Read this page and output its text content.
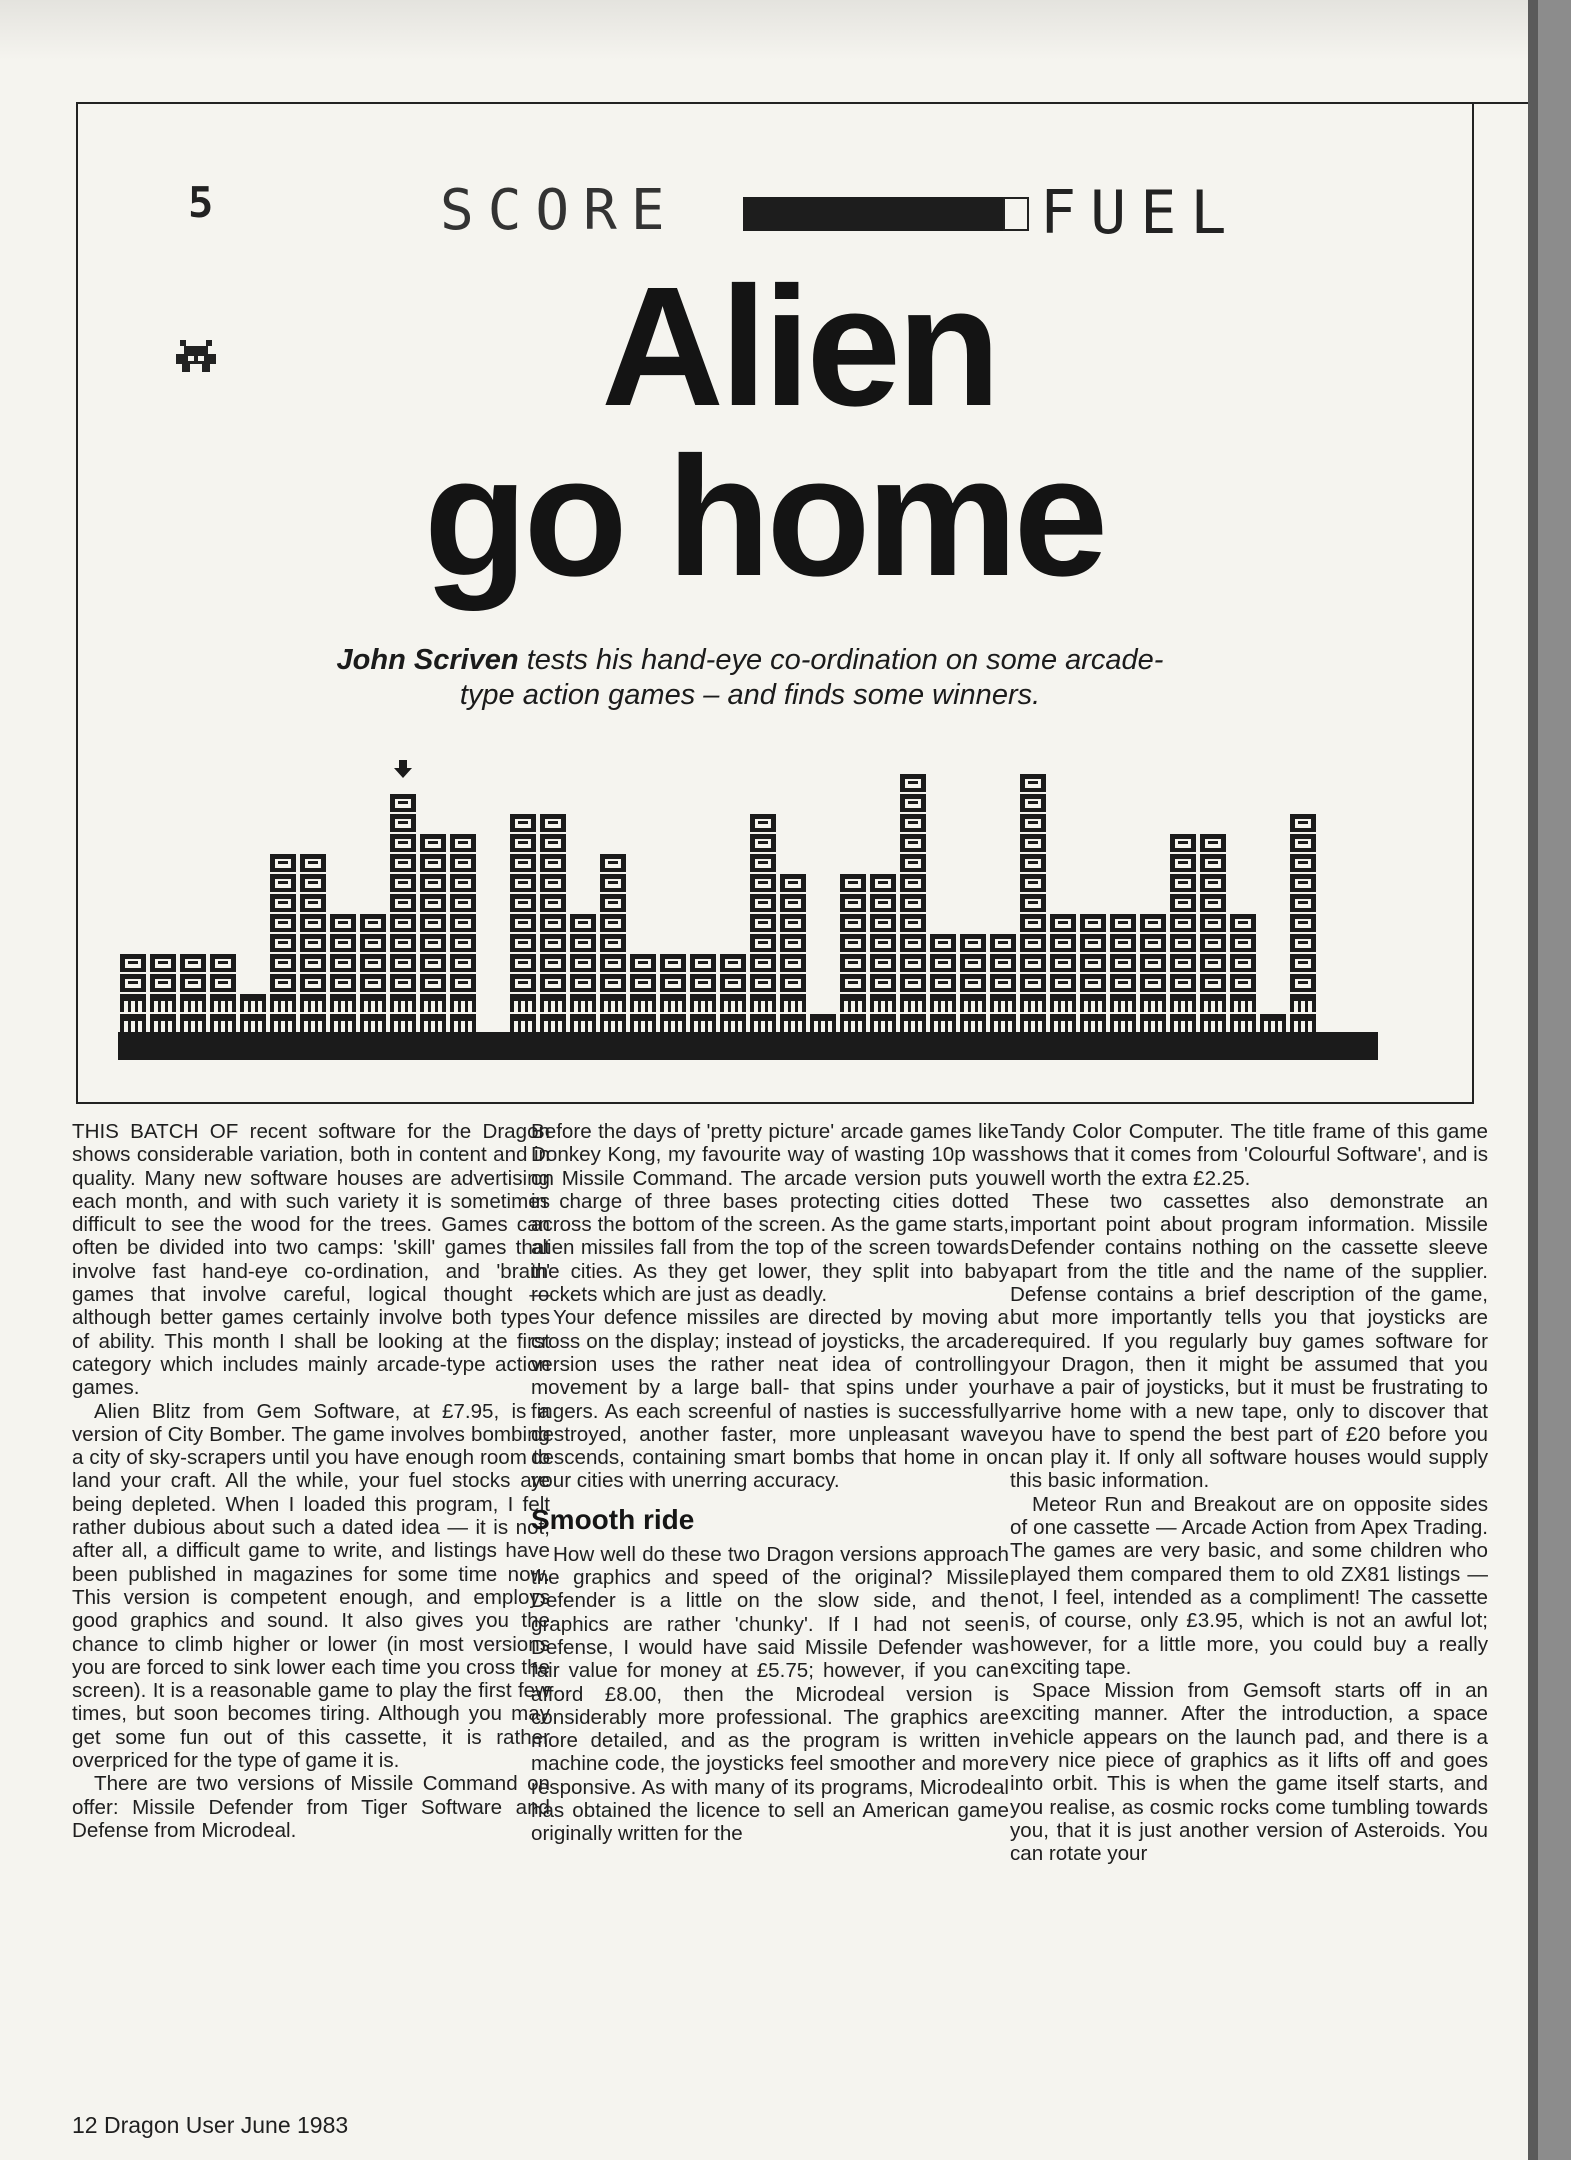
5	SCORE	FUEL
Alien
go home
John Scriven tests his hand-eye co-ordination on some arcade-type action games – and finds some winners.

THIS BATCH OF recent software for the Dragon shows considerable variation, both in content and in quality. Many new software houses are advertising each month, and with such variety it is sometimes difficult to see the wood for the trees. Games can often be divided into two camps: 'skill' games that involve fast hand-eye co-ordination, and 'brain' games that involve careful, logical thought — although better games certainly involve both types of ability. This month I shall be looking at the first category which includes mainly arcade-type action games.

Alien Blitz from Gem Software, at £7.95, is a version of City Bomber. The game involves bombing a city of sky-scrapers until you have enough room to land your craft. All the while, your fuel stocks are being depleted. When I loaded this program, I felt rather dubious about such a dated idea — it is not, after all, a difficult game to write, and listings have been published in magazines for some time now. This version is competent enough, and employs good graphics and sound. It also gives you the chance to climb higher or lower (in most versions you are forced to sink lower each time you cross the screen). It is a reasonable game to play the first few times, but soon becomes tiring. Although you may get some fun out of this cassette, it is rather overpriced for the type of game it is.

There are two versions of Missile Command on offer: Missile Defender from Tiger Software and Defense from Microdeal.

Before the days of 'pretty picture' arcade games like Donkey Kong, my favourite way of wasting 10p was on Missile Command. The arcade version puts you in charge of three bases protecting cities dotted across the bottom of the screen. As the game starts, alien missiles fall from the top of the screen towards the cities. As they get lower, they split into baby rockets which are just as deadly.

Your defence missiles are directed by moving a cross on the display; instead of joysticks, the arcade version uses the rather neat idea of controlling movement by a large ball- that spins under your fingers. As each screenful of nasties is successfully destroyed, another faster, more unpleasant wave descends, containing smart bombs that home in on your cities with unerring accuracy.

Smooth ride

How well do these two Dragon versions approach the graphics and speed of the original? Missile Defender is a little on the slow side, and the graphics are rather 'chunky'. If I had not seen Defense, I would have said Missile Defender was fair value for money at £5.75; however, if you can afford £8.00, then the Microdeal version is considerably more professional. The graphics are more detailed, and as the program is written in machine code, the joysticks feel smoother and more responsive. As with many of its programs, Microdeal has obtained the licence to sell an American game originally written for the

Tandy Color Computer. The title frame of this game shows that it comes from 'Colourful Software', and is well worth the extra £2.25.

These two cassettes also demonstrate an important point about program information. Missile Defender contains nothing on the cassette sleeve apart from the title and the name of the supplier. Defense contains a brief description of the game, but more importantly tells you that joysticks are required. If you regularly buy games software for your Dragon, then it might be assumed that you have a pair of joysticks, but it must be frustrating to arrive home with a new tape, only to discover that you have to spend the best part of £20 before you can play it. If only all software houses would supply this basic information.

Meteor Run and Breakout are on opposite sides of one cassette — Arcade Action from Apex Trading. The games are very basic, and some children who played them compared them to old ZX81 listings — not, I feel, intended as a compliment! The cassette is, of course, only £3.95, which is not an awful lot; however, for a little more, you could buy a really exciting tape.

Space Mission from Gemsoft starts off in an exciting manner. After the introduction, a space vehicle appears on the launch pad, and there is a very nice piece of graphics as it lifts off and goes into orbit. This is when the game itself starts, and you realise, as cosmic rocks come tumbling towards you, that it is just another version of Asteroids. You can rotate your

12 Dragon User June 1983
